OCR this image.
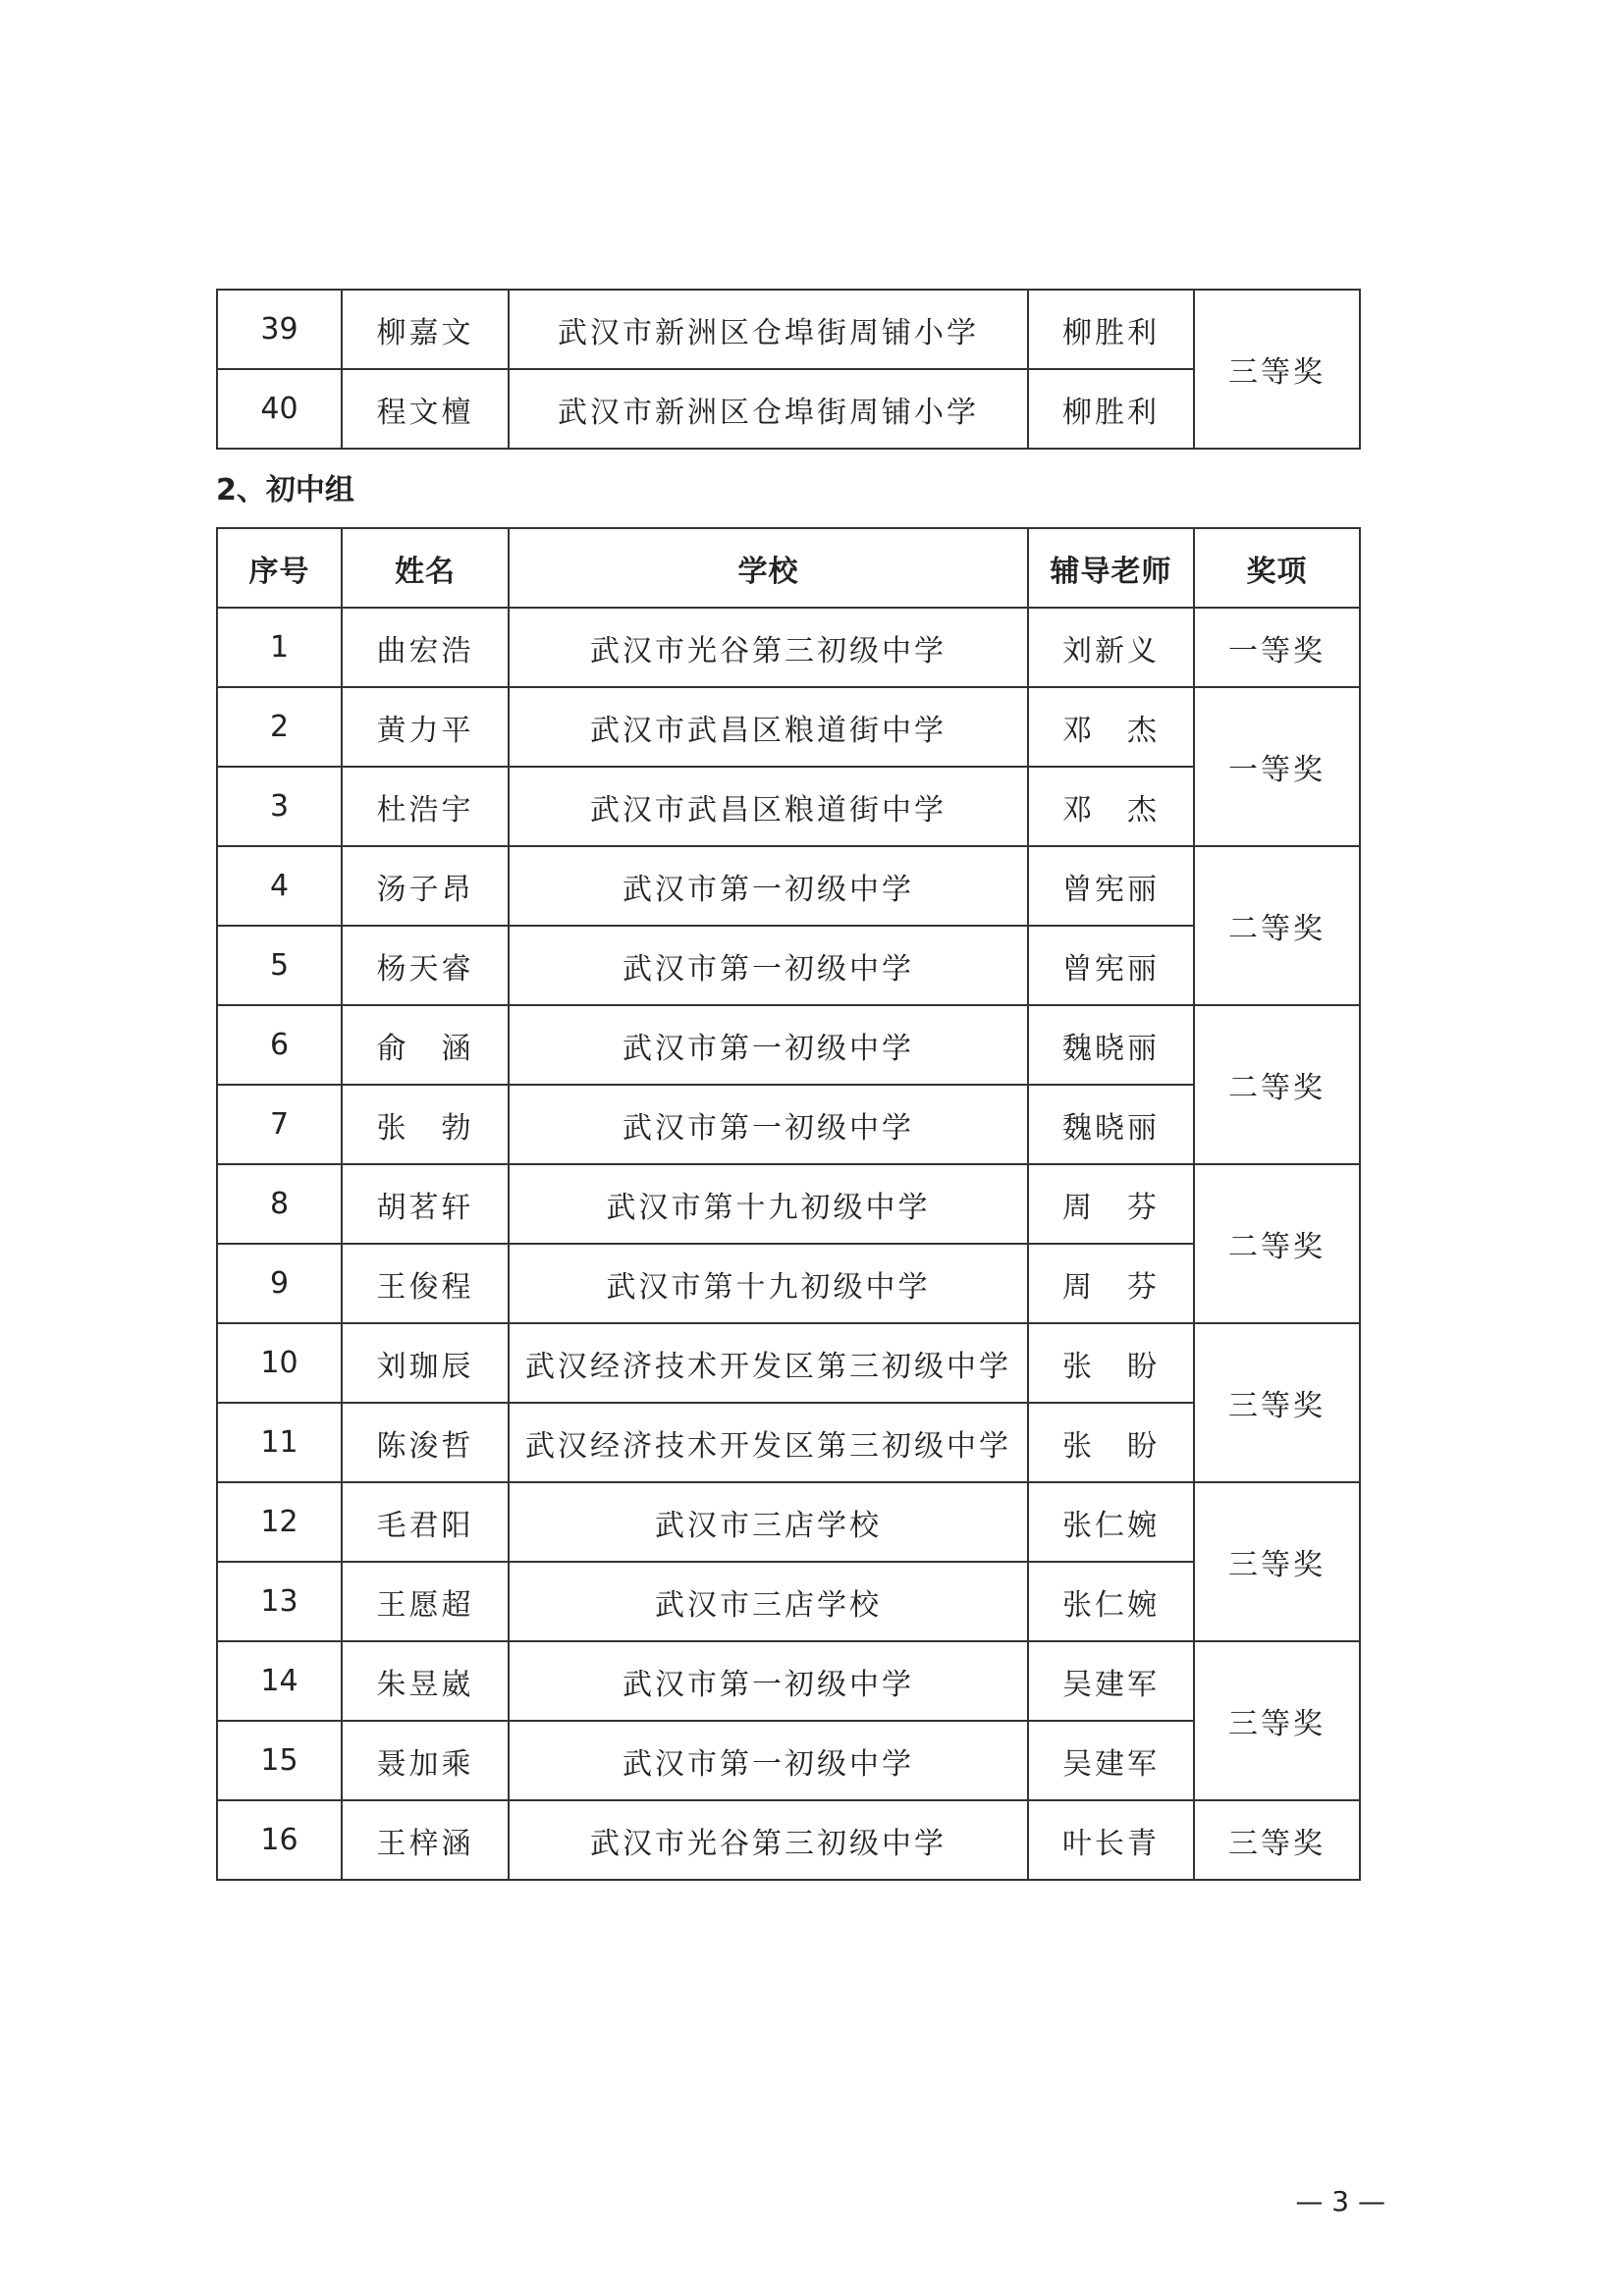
39	柳嘉文	武汉市新洲区仓埠街周铺小学	柳胜利	三等奖
40	程文檀	武汉市新洲区仓埠街周铺小学	柳胜利	
2、初中组
序号	姓名	学校	辅导老师	奖项
1	曲宏浩	武汉市光谷第三初级中学	刘新义	一等奖
2	黄力平	武汉市武昌区粮道街中学	邓　杰	一等奖
3	杜浩宇	武汉市武昌区粮道街中学	邓　杰	
4	汤子昂	武汉市第一初级中学	曾宪丽	二等奖
5	杨天睿	武汉市第一初级中学	曾宪丽	
6	俞　涵	武汉市第一初级中学	魏晓丽	二等奖
7	张　勃	武汉市第一初级中学	魏晓丽	
8	胡茗轩	武汉市第十九初级中学	周　芬	二等奖
9	王俊程	武汉市第十九初级中学	周　芬	
10	刘珈辰	武汉经济技术开发区第三初级中学	张　盼	三等奖
11	陈浚哲	武汉经济技术开发区第三初级中学	张　盼	
12	毛君阳	武汉市三店学校	张仁婉	三等奖
13	王愿超	武汉市三店学校	张仁婉	
14	朱昱崴	武汉市第一初级中学	吴建军	三等奖
15	聂加乘	武汉市第一初级中学	吴建军	
16	王梓涵	武汉市光谷第三初级中学	叶长青	三等奖
— 3 —
